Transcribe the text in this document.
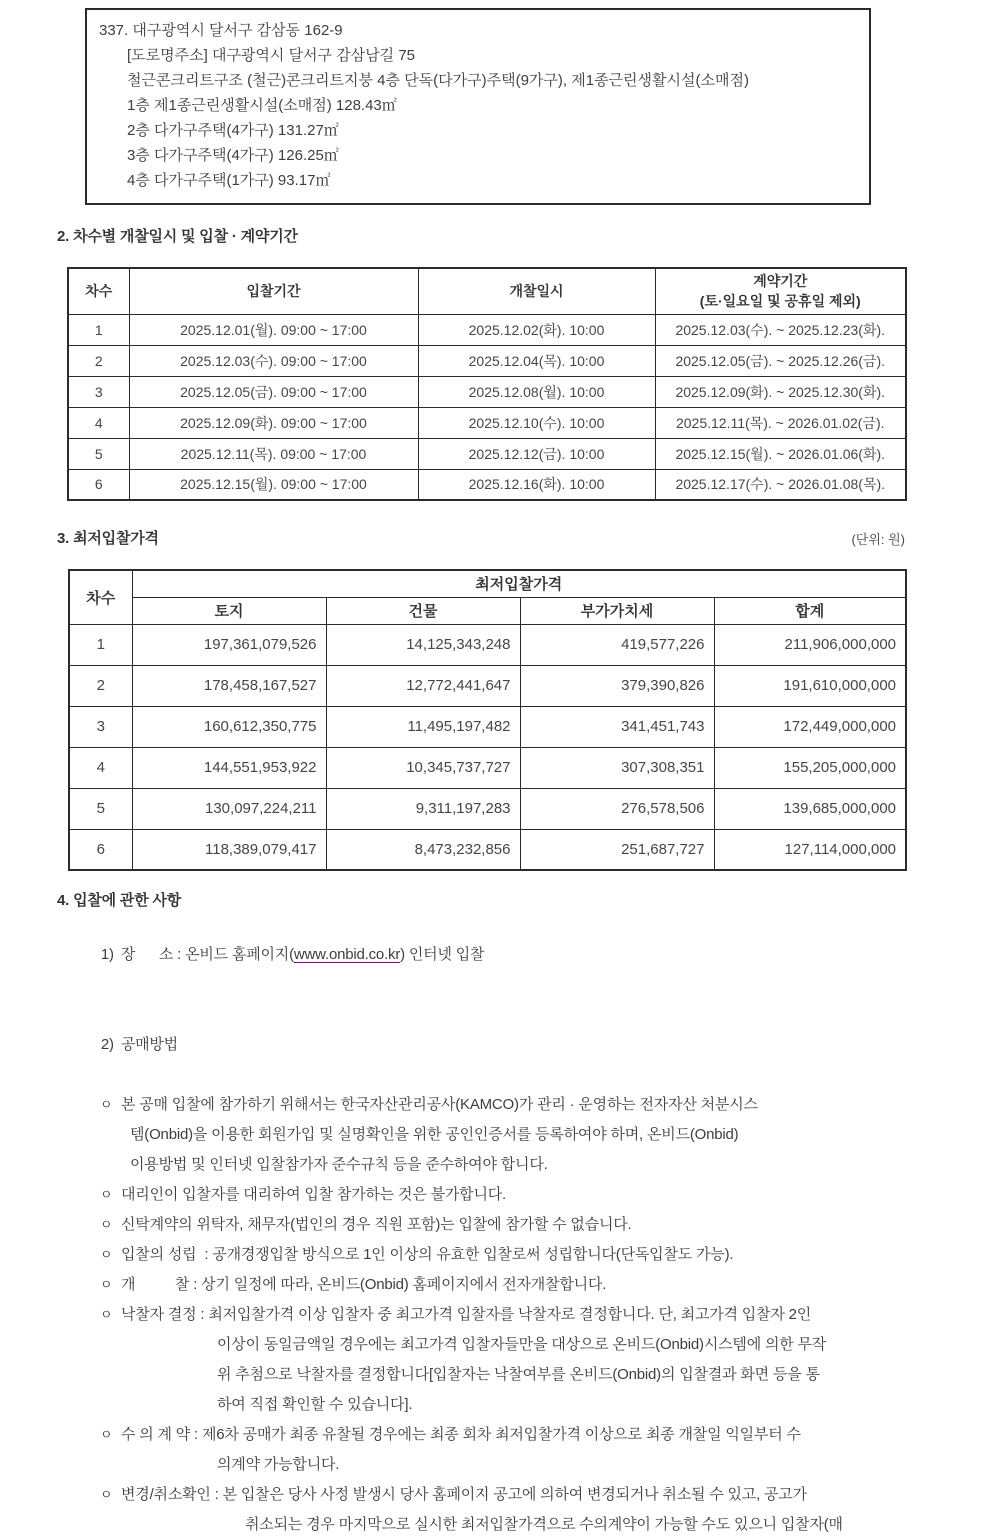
337. 대구광역시 달서구 감삼동 162-9
[도로명주소] 대구광역시 달서구 감삼남길 75
철근콘크리트구조 (철근)콘크리트지붕 4층 단독(다가구)주택(9가구), 제1종근린생활시설(소매점)
1층 제1종근린생활시설(소매점) 128.43㎡
2층 다가구주택(4가구) 131.27㎡
3층 다가구주택(4가구) 126.25㎡
4층 다가구주택(1가구) 93.17㎡
2. 차수별 개찰일시 및 입찰 · 계약기간
차수	입찰기간	개찰일시	계약기간
(토·일요일 및 공휴일 제외)

1	2025.12.01(월). 09:00 ~ 17:00	2025.12.02(화). 10:00	2025.12.03(수). ~ 2025.12.23(화).
2	2025.12.03(수). 09:00 ~ 17:00	2025.12.04(목). 10:00	2025.12.05(금). ~ 2025.12.26(금).
3	2025.12.05(금). 09:00 ~ 17:00	2025.12.08(월). 10:00	2025.12.09(화). ~ 2025.12.30(화).
4	2025.12.09(화). 09:00 ~ 17:00	2025.12.10(수). 10:00	2025.12.11(목). ~ 2026.01.02(금).
5	2025.12.11(목). 09:00 ~ 17:00	2025.12.12(금). 10:00	2025.12.15(월). ~ 2026.01.06(화).
6	2025.12.15(월). 09:00 ~ 17:00	2025.12.16(화). 10:00	2025.12.17(수). ~ 2026.01.08(목).
3. 최저입찰가격	(단위: 원)
차수	최저입찰가격			
	토지	건물	부가가치세	합계
1	197,361,079,526	14,125,343,248	419,577,226	211,906,000,000
2	178,458,167,527	12,772,441,647	379,390,826	191,610,000,000
3	160,612,350,775	11,495,197,482	341,451,743	172,449,000,000
4	144,551,953,922	10,345,737,727	307,308,351	155,205,000,000
5	130,097,224,211	9,311,197,283	276,578,506	139,685,000,000
6	118,389,079,417	8,473,232,856	251,687,727	127,114,000,000
4. 입찰에 관한 사항

1) 장      소 : 온비드 홈페이지(www.onbid.co.kr) 인터넷 입찰

2) 공매방법

ㅇ 본 공매 입찰에 참가하기 위해서는 한국자산관리공사(KAMCO)가 관리 · 운영하는 전자자산 처분시스
템(Onbid)을 이용한 회원가입 및 실명확인을 위한 공인인증서를 등록하여야 하며, 온비드(Onbid)
이용방법 및 인터넷 입찰참가자 준수규칙 등을 준수하여야 합니다.
ㅇ 대리인이 입찰자를 대리하여 입찰 참가하는 것은 불가합니다.
ㅇ 신탁계약의 위탁자, 채무자(법인의 경우 직원 포함)는 입찰에 참가할 수 없습니다.
ㅇ 입찰의 성립  : 공개경쟁입찰 방식으로 1인 이상의 유효한 입찰로써 성립합니다(단독입찰도 가능).
ㅇ 개          찰 : 상기 일정에 따라, 온비드(Onbid) 홈페이지에서 전자개찰합니다.
ㅇ 낙찰자 결정 : 최저입찰가격 이상 입찰자 중 최고가격 입찰자를 낙찰자로 결정합니다. 단, 최고가격 입찰자 2인
이상이 동일금액일 경우에는 최고가격 입찰자들만을 대상으로 온비드(Onbid)시스템에 의한 무작
위 추첨으로 낙찰자를 결정합니다[입찰자는 낙찰여부를 온비드(Onbid)의 입찰결과 화면 등을 통
하여 직접 확인할 수 있습니다].
ㅇ 수 의 계 약 : 제6차 공매가 최종 유찰될 경우에는 최종 회차 최저입찰가격 이상으로 최종 개찰일 익일부터 수
의계약 가능합니다.
ㅇ 변경/취소확인 : 본 입찰은 당사 사정 발생시 당사 홈페이지 공고에 의하여 변경되거나 취소될 수 있고, 공고가
취소되는 경우 마지막으로 실시한 최저입찰가격으로 수의계약이 가능할 수도 있으니 입찰자(매
